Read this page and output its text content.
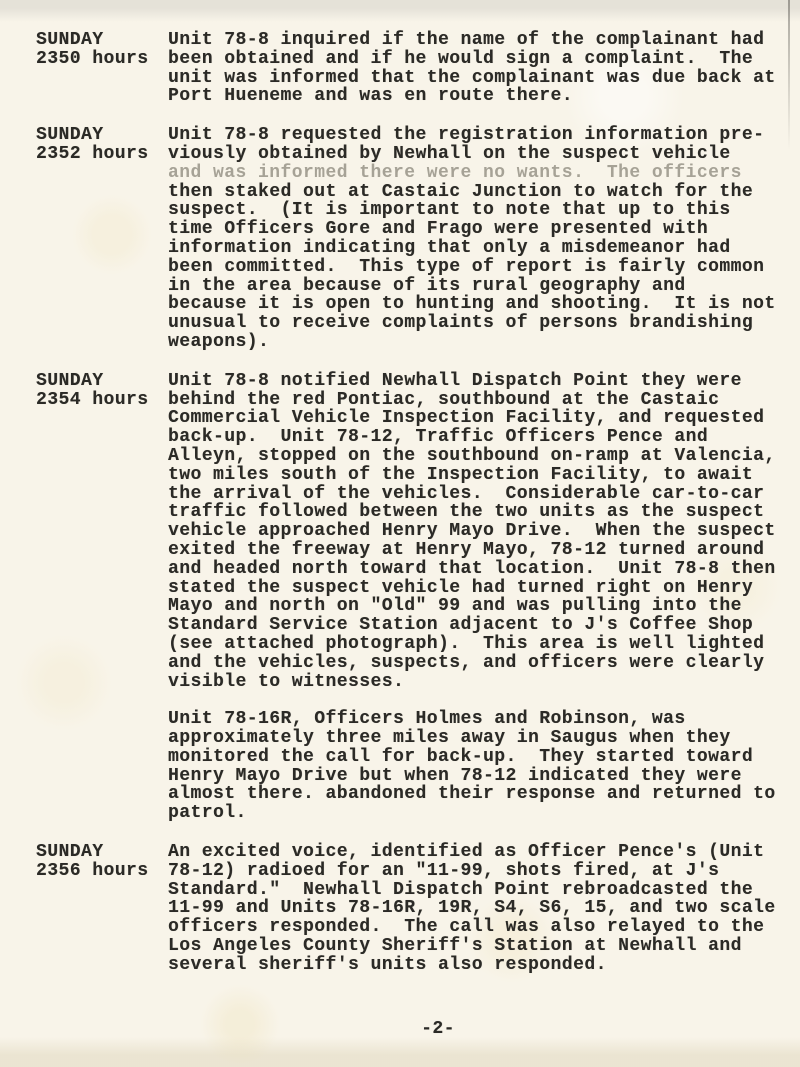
SUNDAY
2350 hours
Unit 78-8 inquired if the name of the complainant had
been obtained and if he would sign a complaint.  The
unit was informed that the complainant was due back at
Port Hueneme and was en route there.
SUNDAY
2352 hours
Unit 78-8 requested the registration information pre-
viously obtained by Newhall on the suspect vehicle
and was informed there were no wants.  The officers
then staked out at Castaic Junction to watch for the
suspect.  (It is important to note that up to this
time Officers Gore and Frago were presented with
information indicating that only a misdemeanor had
been committed.  This type of report is fairly common
in the area because of its rural geography and
because it is open to hunting and shooting.  It is not
unusual to receive complaints of persons brandishing
weapons).
SUNDAY
2354 hours
Unit 78-8 notified Newhall Dispatch Point they were
behind the red Pontiac, southbound at the Castaic
Commercial Vehicle Inspection Facility, and requested
back-up.  Unit 78-12, Traffic Officers Pence and
Alleyn, stopped on the southbound on-ramp at Valencia,
two miles south of the Inspection Facility, to await
the arrival of the vehicles.  Considerable car-to-car
traffic followed between the two units as the suspect
vehicle approached Henry Mayo Drive.  When the suspect
exited the freeway at Henry Mayo, 78-12 turned around
and headed north toward that location.  Unit 78-8 then
stated the suspect vehicle had turned right on Henry
Mayo and north on "Old" 99 and was pulling into the
Standard Service Station adjacent to J's Coffee Shop
(see attached photograph).  This area is well lighted
and the vehicles, suspects, and officers were clearly
visible to witnesses.
Unit 78-16R, Officers Holmes and Robinson, was
approximately three miles away in Saugus when they
monitored the call for back-up.  They started toward
Henry Mayo Drive but when 78-12 indicated they were
almost there. abandoned their response and returned to
patrol.
SUNDAY
2356 hours
An excited voice, identified as Officer Pence's (Unit
78-12) radioed for an "11-99, shots fired, at J's
Standard."  Newhall Dispatch Point rebroadcasted the
11-99 and Units 78-16R, 19R, S4, S6, 15, and two scale
officers responded.  The call was also relayed to the
Los Angeles County Sheriff's Station at Newhall and
several sheriff's units also responded.
-2-
